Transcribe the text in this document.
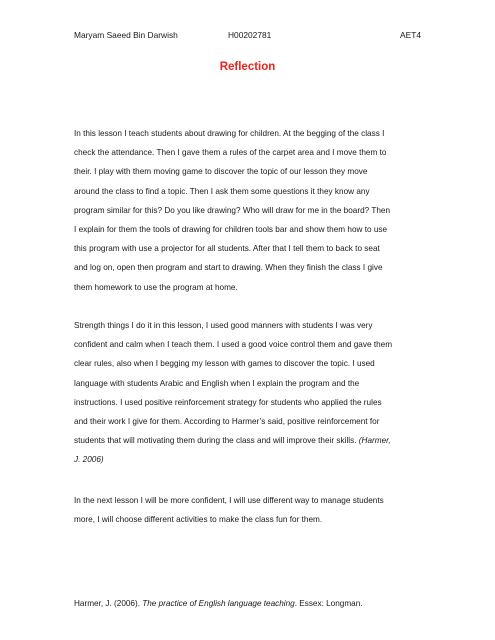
Maryam Saeed Bin Darwish	H00202781	AET4
Reflection

In this lesson I teach students about drawing for children. At the begging of the class I
check the attendance. Then I gave them a rules of the carpet area and I move them to
their. I play with them moving game to discover the topic of our lesson they move
around the class to find a topic. Then I ask them some questions it they know any
program similar for this? Do you like drawing? Who will draw for me in the board? Then
I explain for them the tools of drawing for children tools bar and show them how to use
this program with use a projector for all students. After that I tell them to back to seat
and log on, open then program and start to drawing. When they finish the class I give
them homework to use the program at home.

Strength things I do it in this lesson, I used good manners with students I was very
confident and calm when I teach them. I used a good voice control them and gave them
clear rules, also when I begging my lesson with games to discover the topic. I used
language with students Arabic and English when I explain the program and the
instructions. I used positive reinforcement strategy for students who applied the rules
and their work I give for them. According to Harmer’s said, positive reinforcement for
students that will motivating them during the class and will improve their skills. (Harmer,
J. 2006)

In the next lesson I will be more confident, I will use different way to manage students
more, I will choose different activities to make the class fun for them.

Harmer, J. (2006). The practice of English language teaching. Essex: Longman.
